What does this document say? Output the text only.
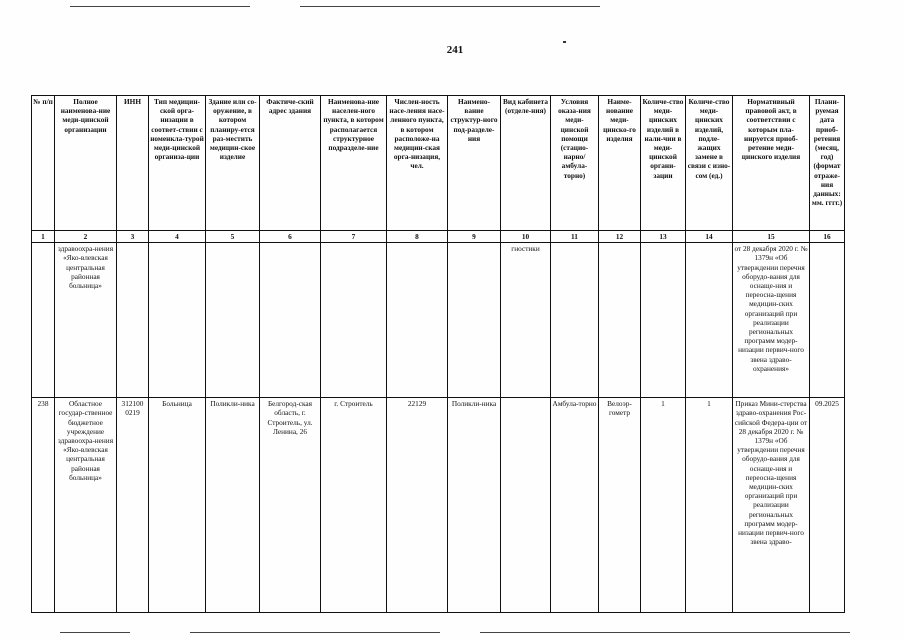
241
№ п/п	Полное наименова-ние меди-цинской организации	ИНН	Тип медицин-ской орга-низации в соответ-ствии с номенкла-турой меди-цинской организа-ции	Здание или со-оружение, в котором планиру-ется раз-местить медицин-ское изделие	Фактиче-ский адрес здания	Наименова-ние населен-ного пункта, в котором располагается структурное подразделе-ние	Числен-ность насе-ления насе-ленного пункта, в котором расположе-на медицин-ская орга-низация, чел.	Наимено-вание структур-ного под-разделе-ния	Вид кабинета (отделе-ния)	Условия оказа-ния меди-цинской помощи (стацио-нарно/ амбула-торно)	Наиме-нование меди-цинско-го изделия	Количе-ство меди-цинских изделий в нали-чии в меди-цинской органи-зации	Количе-ство меди-цинских изделий, подле-жащих замене в связи с изно-сом (ед.)	Нормативный правовой акт, в соответствии с которым пла-нируется приоб-ретение меди-цинского изделия	Плани-руемая дата приоб-ретения (месяц, год) (формат отраже-ния данных: мм. гггг.)
1	2	3	4	5	6	7	8	9	10	11	12	13	14	15	16
	здравоохра-нения «Яко-влевская центральная районная больница»								гностики					от 28 декабря 2020 г. № 1379н «Об утверждении перечня оборудо-вания для оснаще-ния и переосна-щения медицин-ских организаций при реализации региональных программ модер-низации первич-ного звена здраво-охранения»	
238	Областное государ-ственное бюджетное учреждение здравоохра-нения «Яко-влевская центральная районная больница»	312100 0219	Больница	Поликли-ника	Белгород-ская область, г. Строитель, ул. Ленина, 26	г. Строитель	22129	Поликли-ника		Амбула-торно	Велоэр-гометр	1	1	Приказ Мини-стерства здраво-охранения Рос-сийской Федера-ции от 28 декабря 2020 г. № 1379н «Об утверждении перечня оборудо-вания для оснаще-ния и переосна-щения медицин-ских организаций при реализации региональных программ модер-низации первич-ного звена здраво-	09.2025
